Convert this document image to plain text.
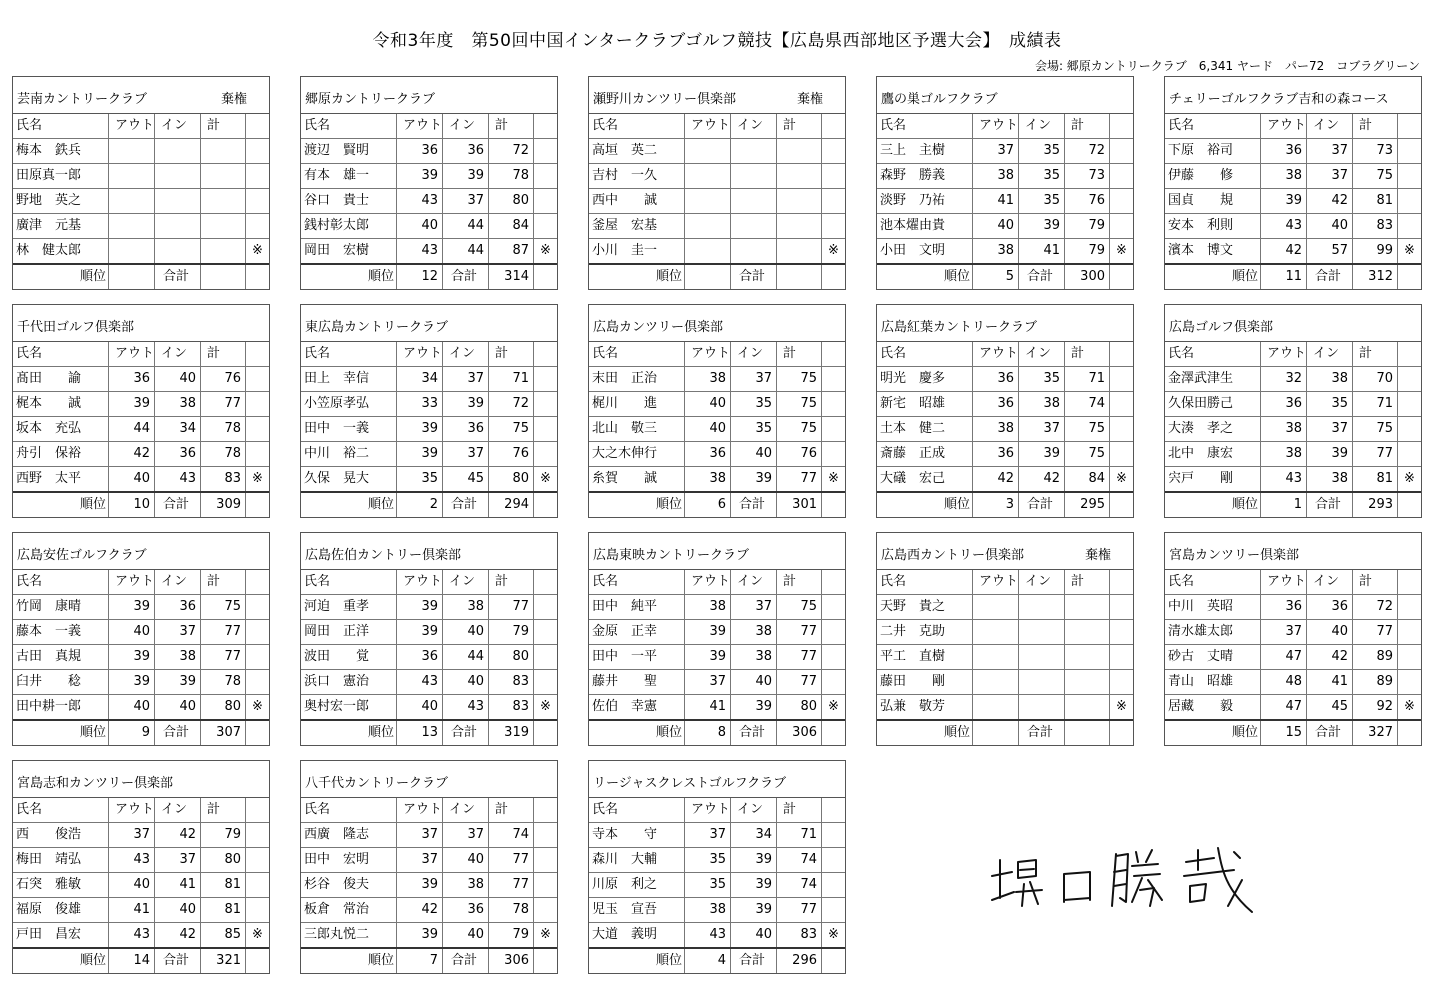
令和3年度　第50回中国インタークラブゴルフ競技【広島県西部地区予選大会】　成績表
会場: 郷原カントリークラブ　6,341 ヤード　パー72　コブラグリーン
芸南カントリークラブ	棄権
氏名	アウト イン	計
梅本　鉄兵
田原真一郎
野地　英之
廣津　元基
林　健太郎	※
順位	合計
郷原カントリークラブ
氏名	アウト イン	計
渡辺　賢明	36	36	72
有本　雄一	39	39	78
谷口　貴士	43	37	80
銭村彰太郎	40	44	84
岡田　宏樹	43	44	87 ※
順位	12	合計	314
瀬野川カンツリー倶楽部	棄権
氏名	アウト イン	計
高垣　英二
吉村　一久
西中　　誠
釜屋　宏基
小川　圭一	※
順位	合計
鷹の巣ゴルフクラブ
氏名	アウト イン	計
三上　主樹	37	35	72
森野　勝義	38	35	73
淡野　乃祐	41	35	76
池本燿由貴	40	39	79
小田　文明	38	41	79 ※
順位	5	合計	300
チェリーゴルフクラブ吉和の森コース
氏名	アウト イン	計
下原　裕司	36	37	73
伊藤　　修	38	37	75
国貞　　規	39	42	81
安本　利則	43	40	83
濱本　博文	42	57	99 ※
順位	11	合計	312
千代田ゴルフ倶楽部
氏名	アウト イン	計
髙田　　諭	36	40	76
梶本　　誠	39	38	77
坂本　充弘	44	34	78
舟引　保裕	42	36	78
西野　太平	40	43	83 ※
順位	10	合計	309
東広島カントリークラブ
氏名	アウト イン	計
田上　幸信	34	37	71
小笠原孝弘	33	39	72
田中　一義	39	36	75
中川　裕二	39	37	76
久保　晃大	35	45	80 ※
順位	2	合計	294
広島カンツリー倶楽部
氏名	アウト イン	計
末田　正治	38	37	75
梶川　　進	40	35	75
北山　敬三	40	35	75
大之木伸行	36	40	76
糸賀　　誠	38	39	77 ※
順位	6	合計	301
広島紅葉カントリークラブ
氏名	アウト イン	計
明光　慶多	36	35	71
新宅　昭雄	36	38	74
土本　健二	38	37	75
斎藤　正成	36	39	75
大礒　宏己	42	42	84 ※
順位	3	合計	295
広島ゴルフ倶楽部
氏名	アウト イン	計
金澤武津生	32	38	70
久保田勝己	36	35	71
大湊　孝之	38	37	75
北中　康宏	38	39	77
宍戸　　剛	43	38	81 ※
順位	1	合計	293
広島安佐ゴルフクラブ
氏名	アウト イン	計
竹岡　康晴	39	36	75
藤本　一義	40	37	77
古田　真規	39	38	77
臼井　　稔	39	39	78
田中耕一郎	40	40	80 ※
順位	9	合計	307
広島佐伯カントリー倶楽部
氏名	アウト イン	計
河迫　重孝	39	38	77
岡田　正洋	39	40	79
波田　　覚	36	44	80
浜口　憲治	43	40	83
奥村宏一郎	40	43	83 ※
順位	13	合計	319
広島東映カントリークラブ
氏名	アウト イン	計
田中　純平	38	37	75
金原　正幸	39	38	77
田中　一平	39	38	77
藤井　　聖	37	40	77
佐伯　幸憲	41	39	80 ※
順位	8	合計	306
広島西カントリー倶楽部	棄権
氏名	アウト イン	計
天野　貴之
二井　克助
平工　直樹
藤田　　剛
弘兼　敬芳	※
順位	合計
宮島カンツリー倶楽部
氏名	アウト イン	計
中川　英昭	36	36	72
清水雄太郎	37	40	77
砂古　丈晴	47	42	89
青山　昭雄	48	41	89
居藏　　毅	47	45	92 ※
順位	15	合計	327
宮島志和カンツリー倶楽部
氏名	アウト イン	計
西　　俊浩	37	42	79
梅田　靖弘	43	37	80
石突　雅敏	40	41	81
福原　俊雄	41	40	81
戸田　昌宏	43	42	85 ※
順位	14	合計	321
八千代カントリークラブ
氏名	アウト イン	計
西廣　隆志	37	37	74
田中　宏明	37	40	77
杉谷　俊夫	39	38	77
板倉　常治	42	36	78
三郎丸悦二	39	40	79 ※
順位	7	合計	306
リージャスクレストゴルフクラブ
氏名	アウト イン	計
寺本　　守	37	34	71
森川　大輔	35	39	74
川原　利之	35	39	74
児玉　宣吾	38	39	77
大道　義明	43	40	83 ※
順位	4	合計	296
